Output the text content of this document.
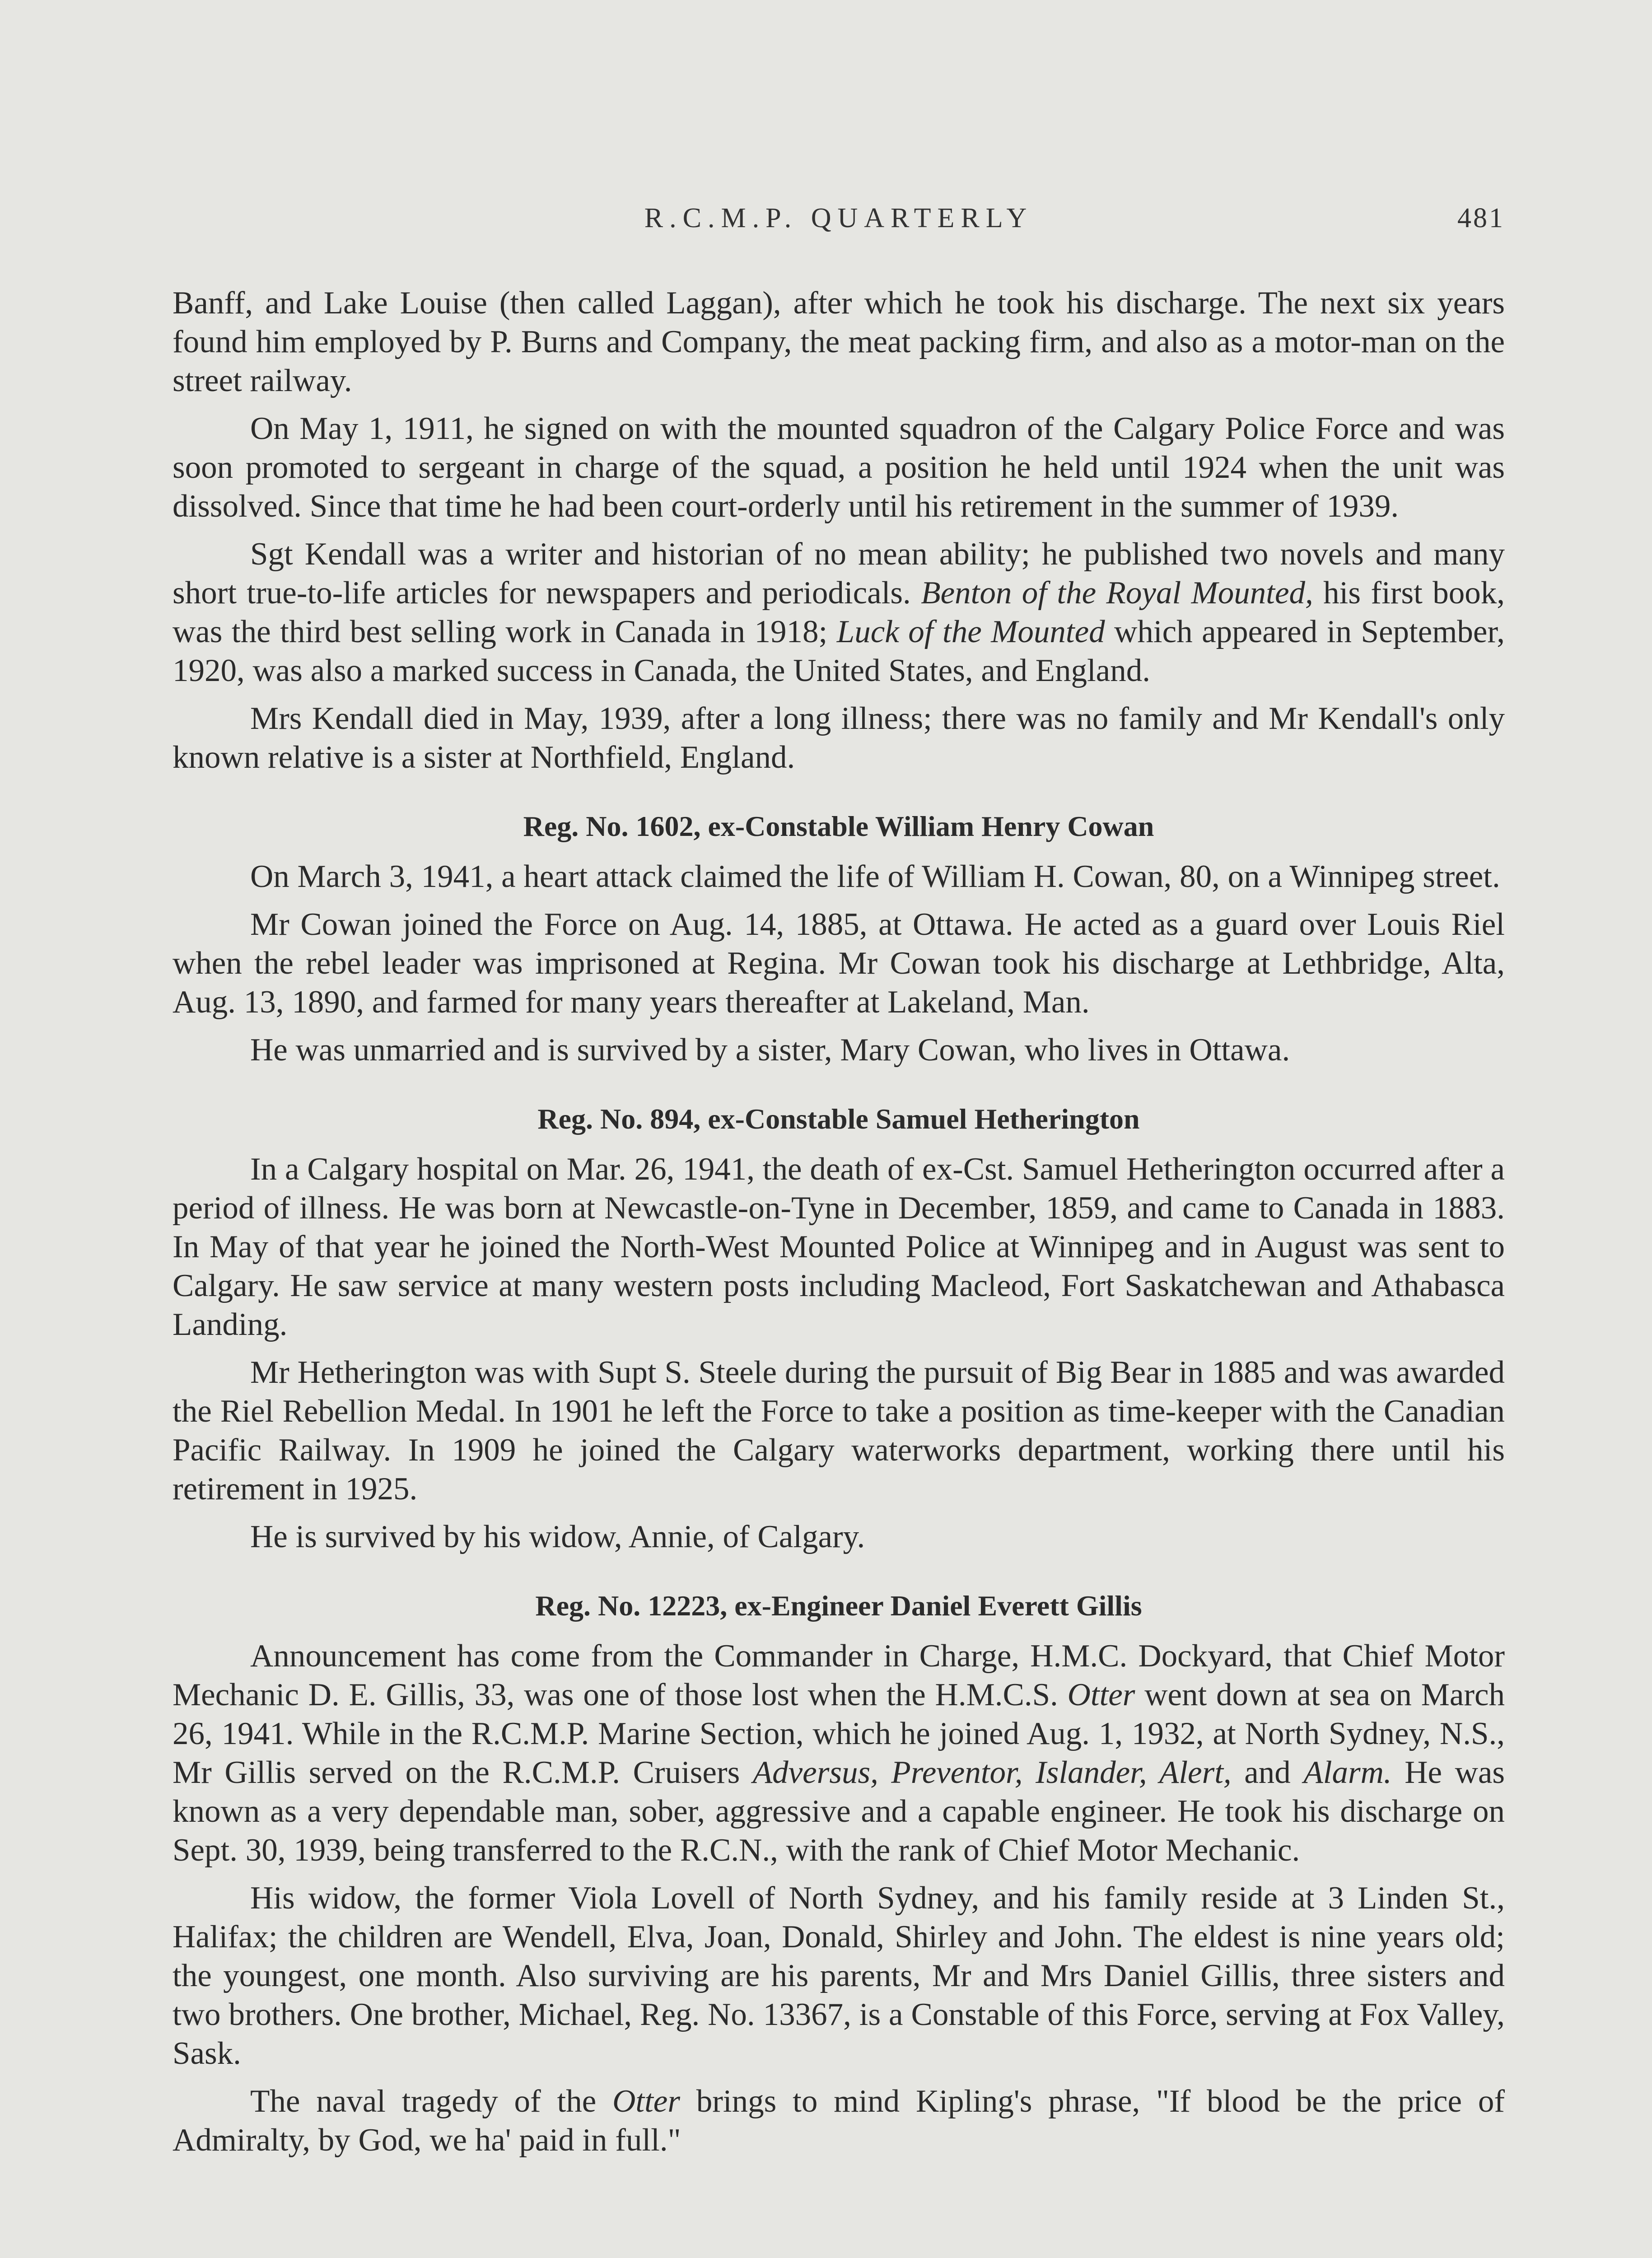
R.C.M.P. QUARTERLY	481

Banff, and Lake Louise (then called Laggan), after which he took his discharge. The next six years found him employed by P. Burns and Company, the meat packing firm, and also as a motor-man on the street railway.

On May 1, 1911, he signed on with the mounted squadron of the Calgary Police Force and was soon promoted to sergeant in charge of the squad, a position he held until 1924 when the unit was dissolved. Since that time he had been court-orderly until his retirement in the summer of 1939.

Sgt Kendall was a writer and historian of no mean ability; he published two novels and many short true-to-life articles for newspapers and periodicals. Benton of the Royal Mounted, his first book, was the third best selling work in Canada in 1918; Luck of the Mounted which appeared in September, 1920, was also a marked success in Canada, the United States, and England.

Mrs Kendall died in May, 1939, after a long illness; there was no family and Mr Kendall's only known relative is a sister at Northfield, England.

Reg. No. 1602, ex-Constable William Henry Cowan

On March 3, 1941, a heart attack claimed the life of William H. Cowan, 80, on a Winnipeg street.

Mr Cowan joined the Force on Aug. 14, 1885, at Ottawa. He acted as a guard over Louis Riel when the rebel leader was imprisoned at Regina. Mr Cowan took his discharge at Lethbridge, Alta, Aug. 13, 1890, and farmed for many years thereafter at Lakeland, Man.

He was unmarried and is survived by a sister, Mary Cowan, who lives in Ottawa.

Reg. No. 894, ex-Constable Samuel Hetherington

In a Calgary hospital on Mar. 26, 1941, the death of ex-Cst. Samuel Hetherington occurred after a period of illness. He was born at Newcastle-on-Tyne in December, 1859, and came to Canada in 1883. In May of that year he joined the North-West Mounted Police at Winnipeg and in August was sent to Calgary. He saw service at many western posts including Macleod, Fort Saskatchewan and Athabasca Landing.

Mr Hetherington was with Supt S. Steele during the pursuit of Big Bear in 1885 and was awarded the Riel Rebellion Medal. In 1901 he left the Force to take a position as time-keeper with the Canadian Pacific Railway. In 1909 he joined the Calgary waterworks department, working there until his retirement in 1925.

He is survived by his widow, Annie, of Calgary.

Reg. No. 12223, ex-Engineer Daniel Everett Gillis

Announcement has come from the Commander in Charge, H.M.C. Dockyard, that Chief Motor Mechanic D. E. Gillis, 33, was one of those lost when the H.M.C.S. Otter went down at sea on March 26, 1941. While in the R.C.M.P. Marine Section, which he joined Aug. 1, 1932, at North Sydney, N.S., Mr Gillis served on the R.C.M.P. Cruisers Adversus, Preventor, Islander, Alert, and Alarm. He was known as a very dependable man, sober, aggressive and a capable engineer. He took his discharge on Sept. 30, 1939, being transferred to the R.C.N., with the rank of Chief Motor Mechanic.

His widow, the former Viola Lovell of North Sydney, and his family reside at 3 Linden St., Halifax; the children are Wendell, Elva, Joan, Donald, Shirley and John. The eldest is nine years old; the youngest, one month. Also surviving are his parents, Mr and Mrs Daniel Gillis, three sisters and two brothers. One brother, Michael, Reg. No. 13367, is a Constable of this Force, serving at Fox Valley, Sask.

The naval tragedy of the Otter brings to mind Kipling's phrase, "If blood be the price of Admiralty, by God, we ha' paid in full."
